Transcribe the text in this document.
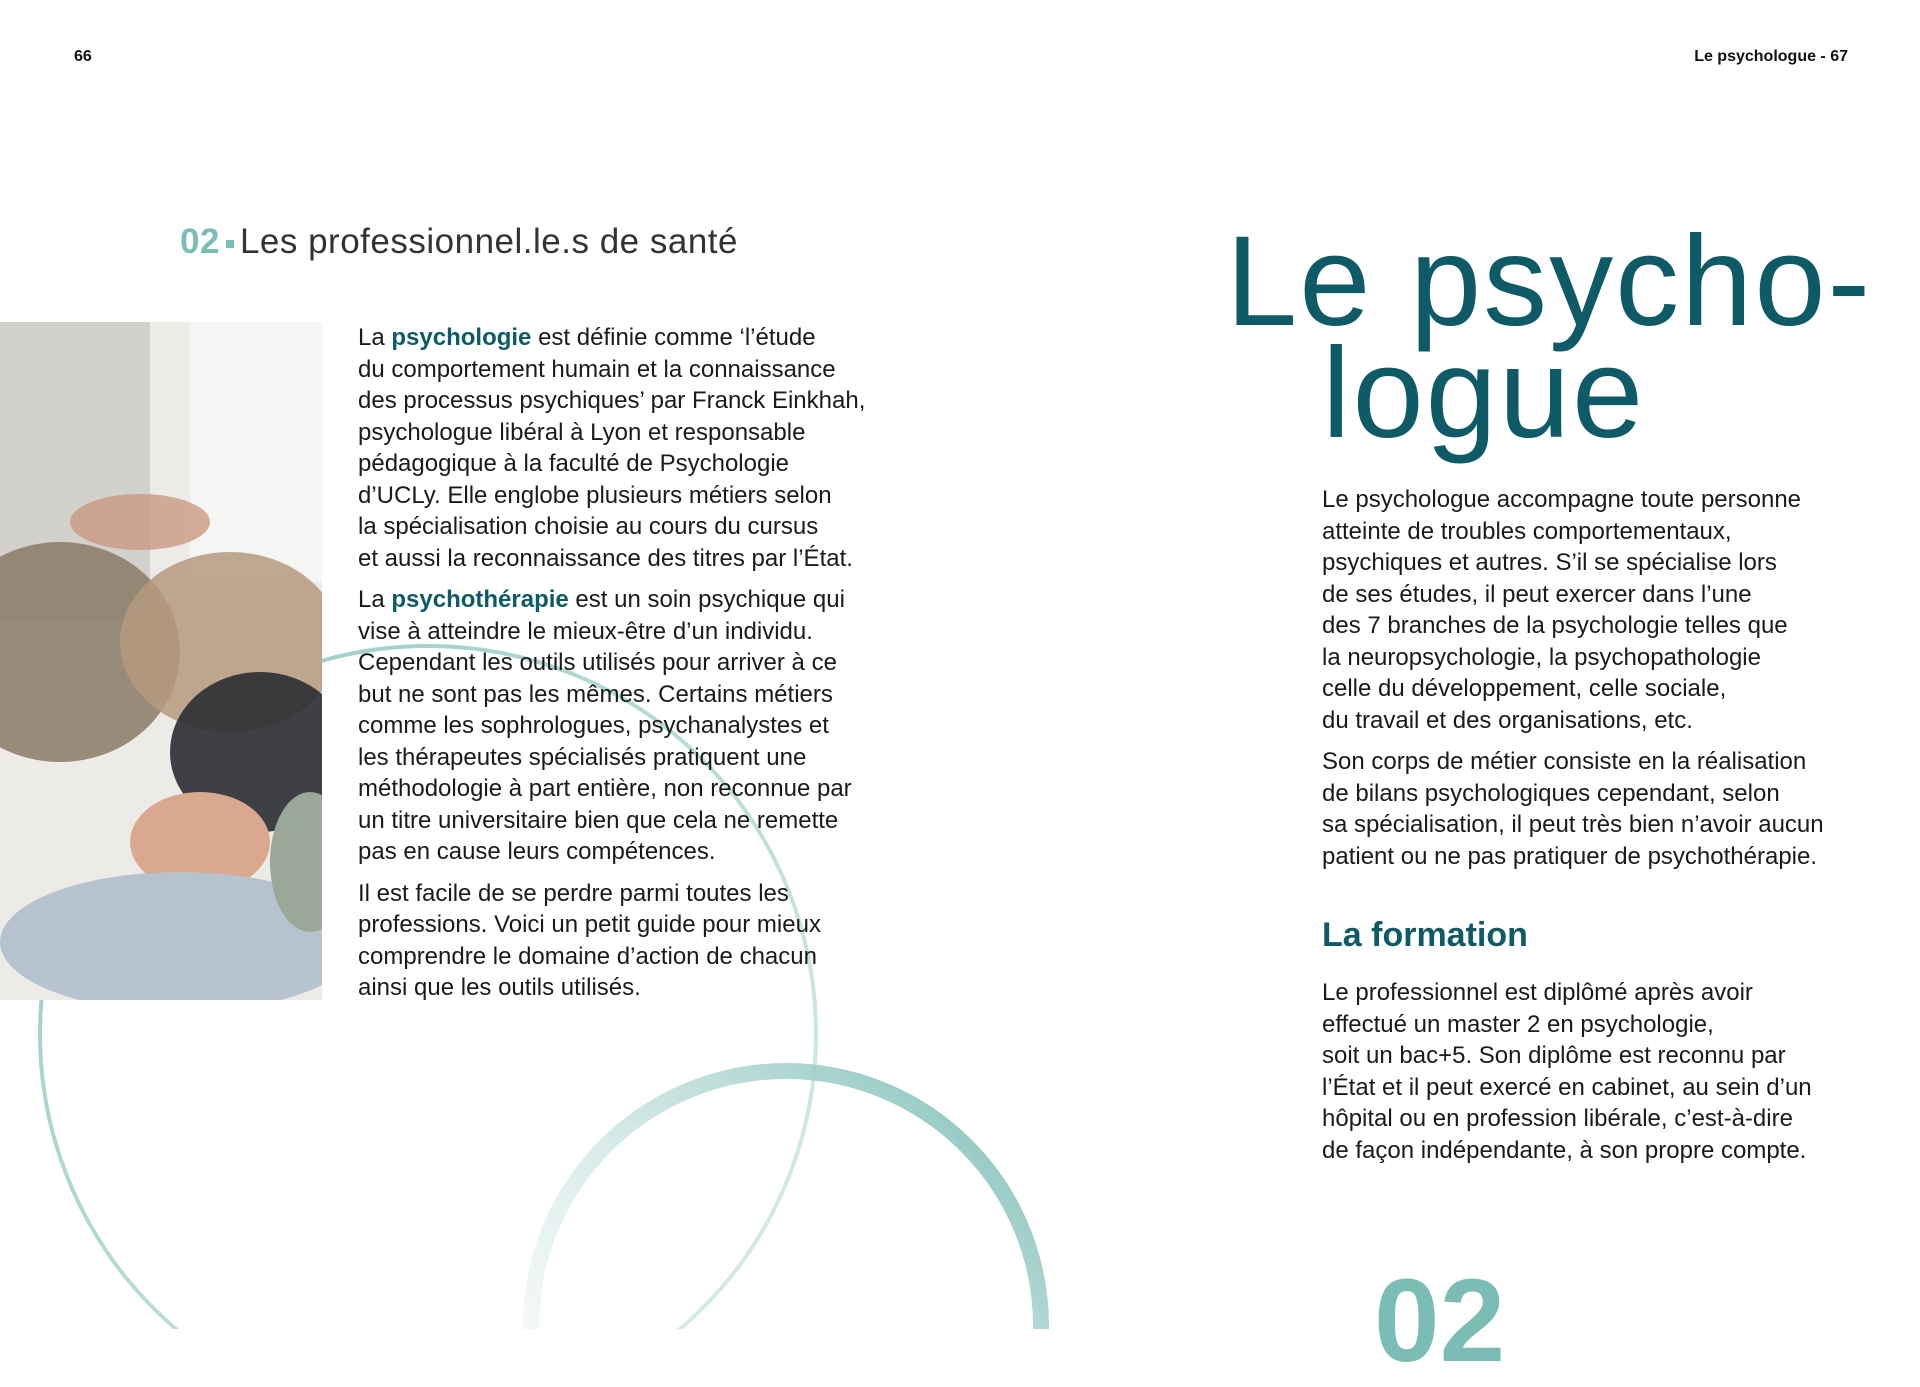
66	Le psychologue - 67
02 Les professionnel.le.s de santé

La psychologie est définie comme ‘l’étude
du comportement humain et la connaissance
des processus psychiques’ par Franck Einkhah,
psychologue libéral à Lyon et responsable
pédagogique à la faculté de Psychologie
d’UCLy. Elle englobe plusieurs métiers selon
la spécialisation choisie au cours du cursus
et aussi la reconnaissance des titres par l’État.

La psychothérapie est un soin psychique qui
vise à atteindre le mieux-être d’un individu.
Cependant les outils utilisés pour arriver à ce
but ne sont pas les mêmes. Certains métiers
comme les sophrologues, psychanalystes et
les thérapeutes spécialisés pratiquent une
méthodologie à part entière, non reconnue par
un titre universitaire bien que cela ne remette
pas en cause leurs compétences.

Il est facile de se perdre parmi toutes les
professions. Voici un petit guide pour mieux
comprendre le domaine d’action de chacun
ainsi que les outils utilisés.

Le psycho-
logue

Le psychologue accompagne toute personne
atteinte de troubles comportementaux,
psychiques et autres. S’il se spécialise lors
de ses études, il peut exercer dans l’une
des 7 branches de la psychologie telles que
la neuropsychologie, la psychopathologie
celle du développement, celle sociale,
du travail et des organisations, etc.

Son corps de métier consiste en la réalisation
de bilans psychologiques cependant, selon
sa spécialisation, il peut très bien n’avoir aucun
patient ou ne pas pratiquer de psychothérapie.

La formation

Le professionnel est diplômé après avoir
effectué un master 2 en psychologie,
soit un bac+5. Son diplôme est reconnu par
l’État et il peut exercé en cabinet, au sein d’un
hôpital ou en profession libérale, c’est-à-dire
de façon indépendante, à son propre compte.

02
